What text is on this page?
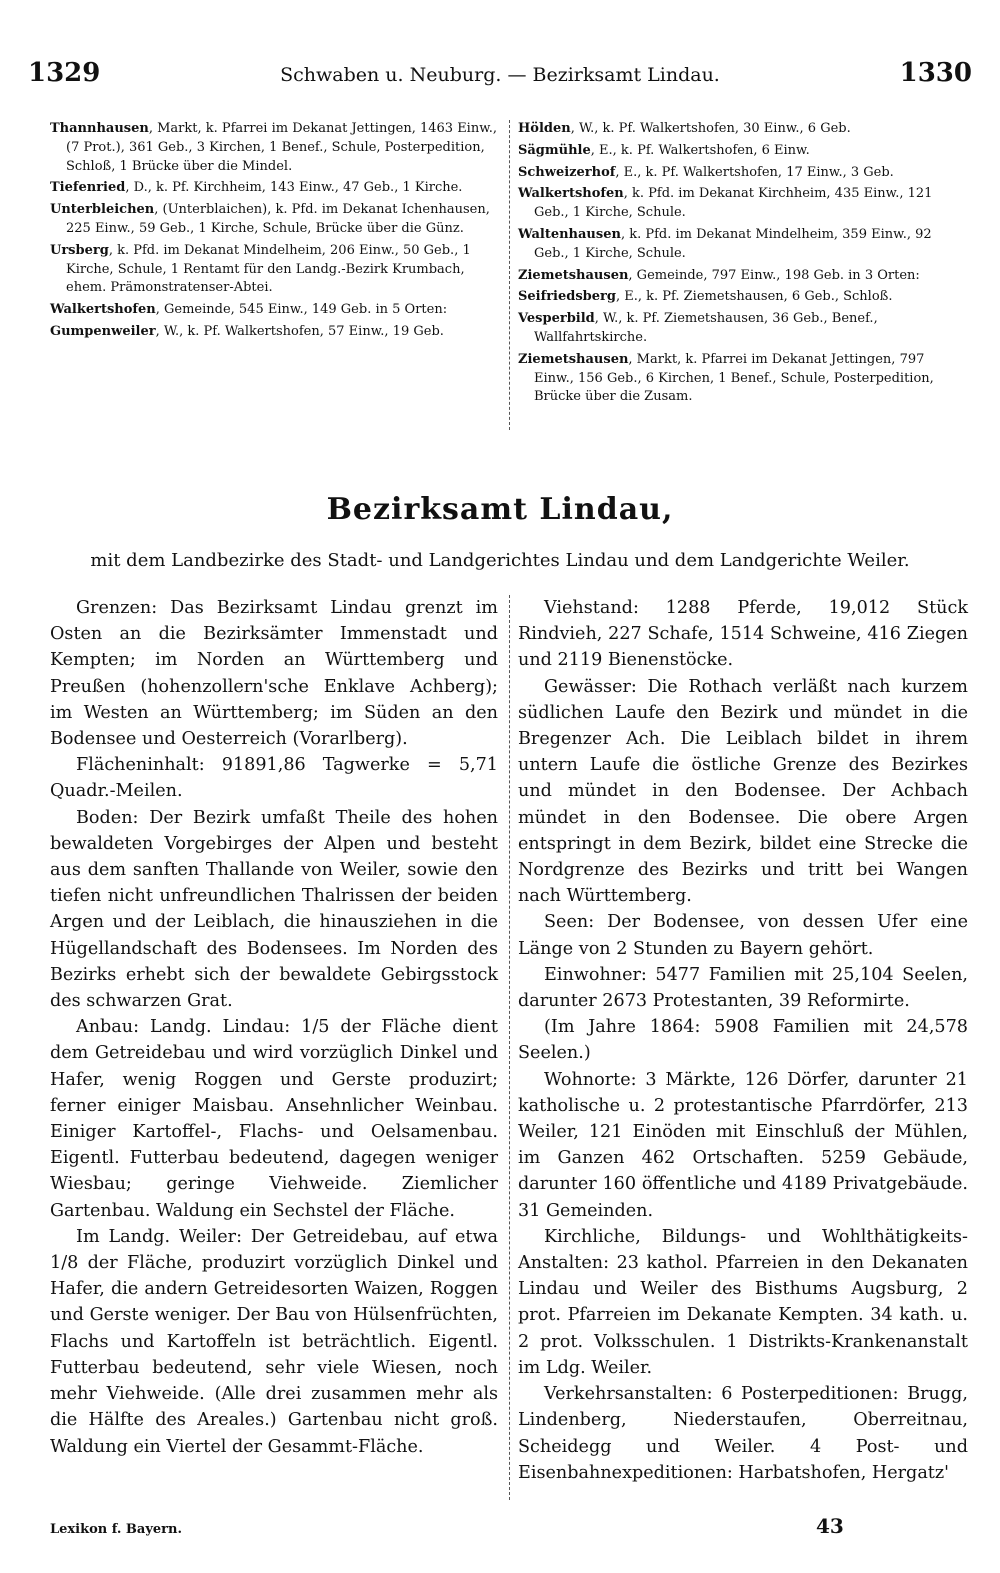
1329	Schwaben u. Neuburg. — Bezirksamt Lindau.	1330

Thannhausen, Markt, k. Pfarrei im Dekanat Jettingen, 1463 Einw., (7 Prot.), 361 Geb., 3 Kirchen, 1 Benef., Schule, Posterpedition, Schloß, 1 Brücke über die Mindel.

Tiefenried, D., k. Pf. Kirchheim, 143 Einw., 47 Geb., 1 Kirche.

Unterbleichen, (Unterblaichen), k. Pfd. im Dekanat Ichenhausen, 225 Einw., 59 Geb., 1 Kirche, Schule, Brücke über die Günz.

Ursberg, k. Pfd. im Dekanat Mindelheim, 206 Einw., 50 Geb., 1 Kirche, Schule, 1 Rentamt für den Landg.-Bezirk Krumbach, ehem. Prämonstratenser-Abtei.

Walkertshofen, Gemeinde, 545 Einw., 149 Geb. in 5 Orten:

Gumpenweiler, W., k. Pf. Walkertshofen, 57 Einw., 19 Geb.

Hölden, W., k. Pf. Walkertshofen, 30 Einw., 6 Geb.

Sägmühle, E., k. Pf. Walkertshofen, 6 Einw.

Schweizerhof, E., k. Pf. Walkertshofen, 17 Einw., 3 Geb.

Walkertshofen, k. Pfd. im Dekanat Kirchheim, 435 Einw., 121 Geb., 1 Kirche, Schule.

Waltenhausen, k. Pfd. im Dekanat Mindelheim, 359 Einw., 92 Geb., 1 Kirche, Schule.

Ziemetshausen, Gemeinde, 797 Einw., 198 Geb. in 3 Orten:

Seifriedsberg, E., k. Pf. Ziemetshausen, 6 Geb., Schloß.

Vesperbild, W., k. Pf. Ziemetshausen, 36 Geb., Benef., Wallfahrtskirche.

Ziemetshausen, Markt, k. Pfarrei im Dekanat Jettingen, 797 Einw., 156 Geb., 6 Kirchen, 1 Benef., Schule, Posterpedition, Brücke über die Zusam.

Bezirksamt Lindau,
mit dem Landbezirke des Stadt- und Landgerichtes Lindau und dem Landgerichte Weiler.

Grenzen: Das Bezirksamt Lindau grenzt im Osten an die Bezirksämter Immenstadt und Kempten; im Norden an Württemberg und Preußen (hohenzollern'sche Enklave Achberg); im Westen an Württemberg; im Süden an den Bodensee und Oesterreich (Vorarlberg).

Flächeninhalt: 91891,86 Tagwerke = 5,71 Quadr.-Meilen.

Boden: Der Bezirk umfaßt Theile des hohen bewaldeten Vorgebirges der Alpen und besteht aus dem sanften Thallande von Weiler, sowie den tiefen nicht unfreundlichen Thalrissen der beiden Argen und der Leiblach, die hinausziehen in die Hügellandschaft des Bodensees. Im Norden des Bezirks erhebt sich der bewaldete Gebirgsstock des schwarzen Grat.

Anbau: Landg. Lindau: 1/5 der Fläche dient dem Getreidebau und wird vorzüglich Dinkel und Hafer, wenig Roggen und Gerste produzirt; ferner einiger Maisbau. Ansehnlicher Weinbau. Einiger Kartoffel-, Flachs- und Oelsamenbau. Eigentl. Futterbau bedeutend, dagegen weniger Wiesbau; geringe Viehweide. Ziemlicher Gartenbau. Waldung ein Sechstel der Fläche.

Im Landg. Weiler: Der Getreidebau, auf etwa 1/8 der Fläche, produzirt vorzüglich Dinkel und Hafer, die andern Getreidesorten Waizen, Roggen und Gerste weniger. Der Bau von Hülsenfrüchten, Flachs und Kartoffeln ist beträchtlich. Eigentl. Futterbau bedeutend, sehr viele Wiesen, noch mehr Viehweide. (Alle drei zusammen mehr als die Hälfte des Areales.) Gartenbau nicht groß. Waldung ein Viertel der Gesammt-Fläche.

Viehstand: 1288 Pferde, 19,012 Stück Rindvieh, 227 Schafe, 1514 Schweine, 416 Ziegen und 2119 Bienenstöcke.

Gewässer: Die Rothach verläßt nach kurzem südlichen Laufe den Bezirk und mündet in die Bregenzer Ach. Die Leiblach bildet in ihrem untern Laufe die östliche Grenze des Bezirkes und mündet in den Bodensee. Der Achbach mündet in den Bodensee. Die obere Argen entspringt in dem Bezirk, bildet eine Strecke die Nordgrenze des Bezirks und tritt bei Wangen nach Württemberg.

Seen: Der Bodensee, von dessen Ufer eine Länge von 2 Stunden zu Bayern gehört.

Einwohner: 5477 Familien mit 25,104 Seelen, darunter 2673 Protestanten, 39 Reformirte.

(Im Jahre 1864: 5908 Familien mit 24,578 Seelen.)

Wohnorte: 3 Märkte, 126 Dörfer, darunter 21 katholische u. 2 protestantische Pfarrdörfer, 213 Weiler, 121 Einöden mit Einschluß der Mühlen, im Ganzen 462 Ortschaften. 5259 Gebäude, darunter 160 öffentliche und 4189 Privatgebäude. 31 Gemeinden.

Kirchliche, Bildungs- und Wohlthätigkeits-Anstalten: 23 kathol. Pfarreien in den Dekanaten Lindau und Weiler des Bisthums Augsburg, 2 prot. Pfarreien im Dekanate Kempten. 34 kath. u. 2 prot. Volksschulen. 1 Distrikts-Krankenanstalt im Ldg. Weiler.

Verkehrsanstalten: 6 Posterpeditionen: Brugg, Lindenberg, Niederstaufen, Oberreitnau, Scheidegg und Weiler. 4 Post- und Eisenbahnexpeditionen: Harbatshofen, Hergatz'

Lexikon f. Bayern.	43
